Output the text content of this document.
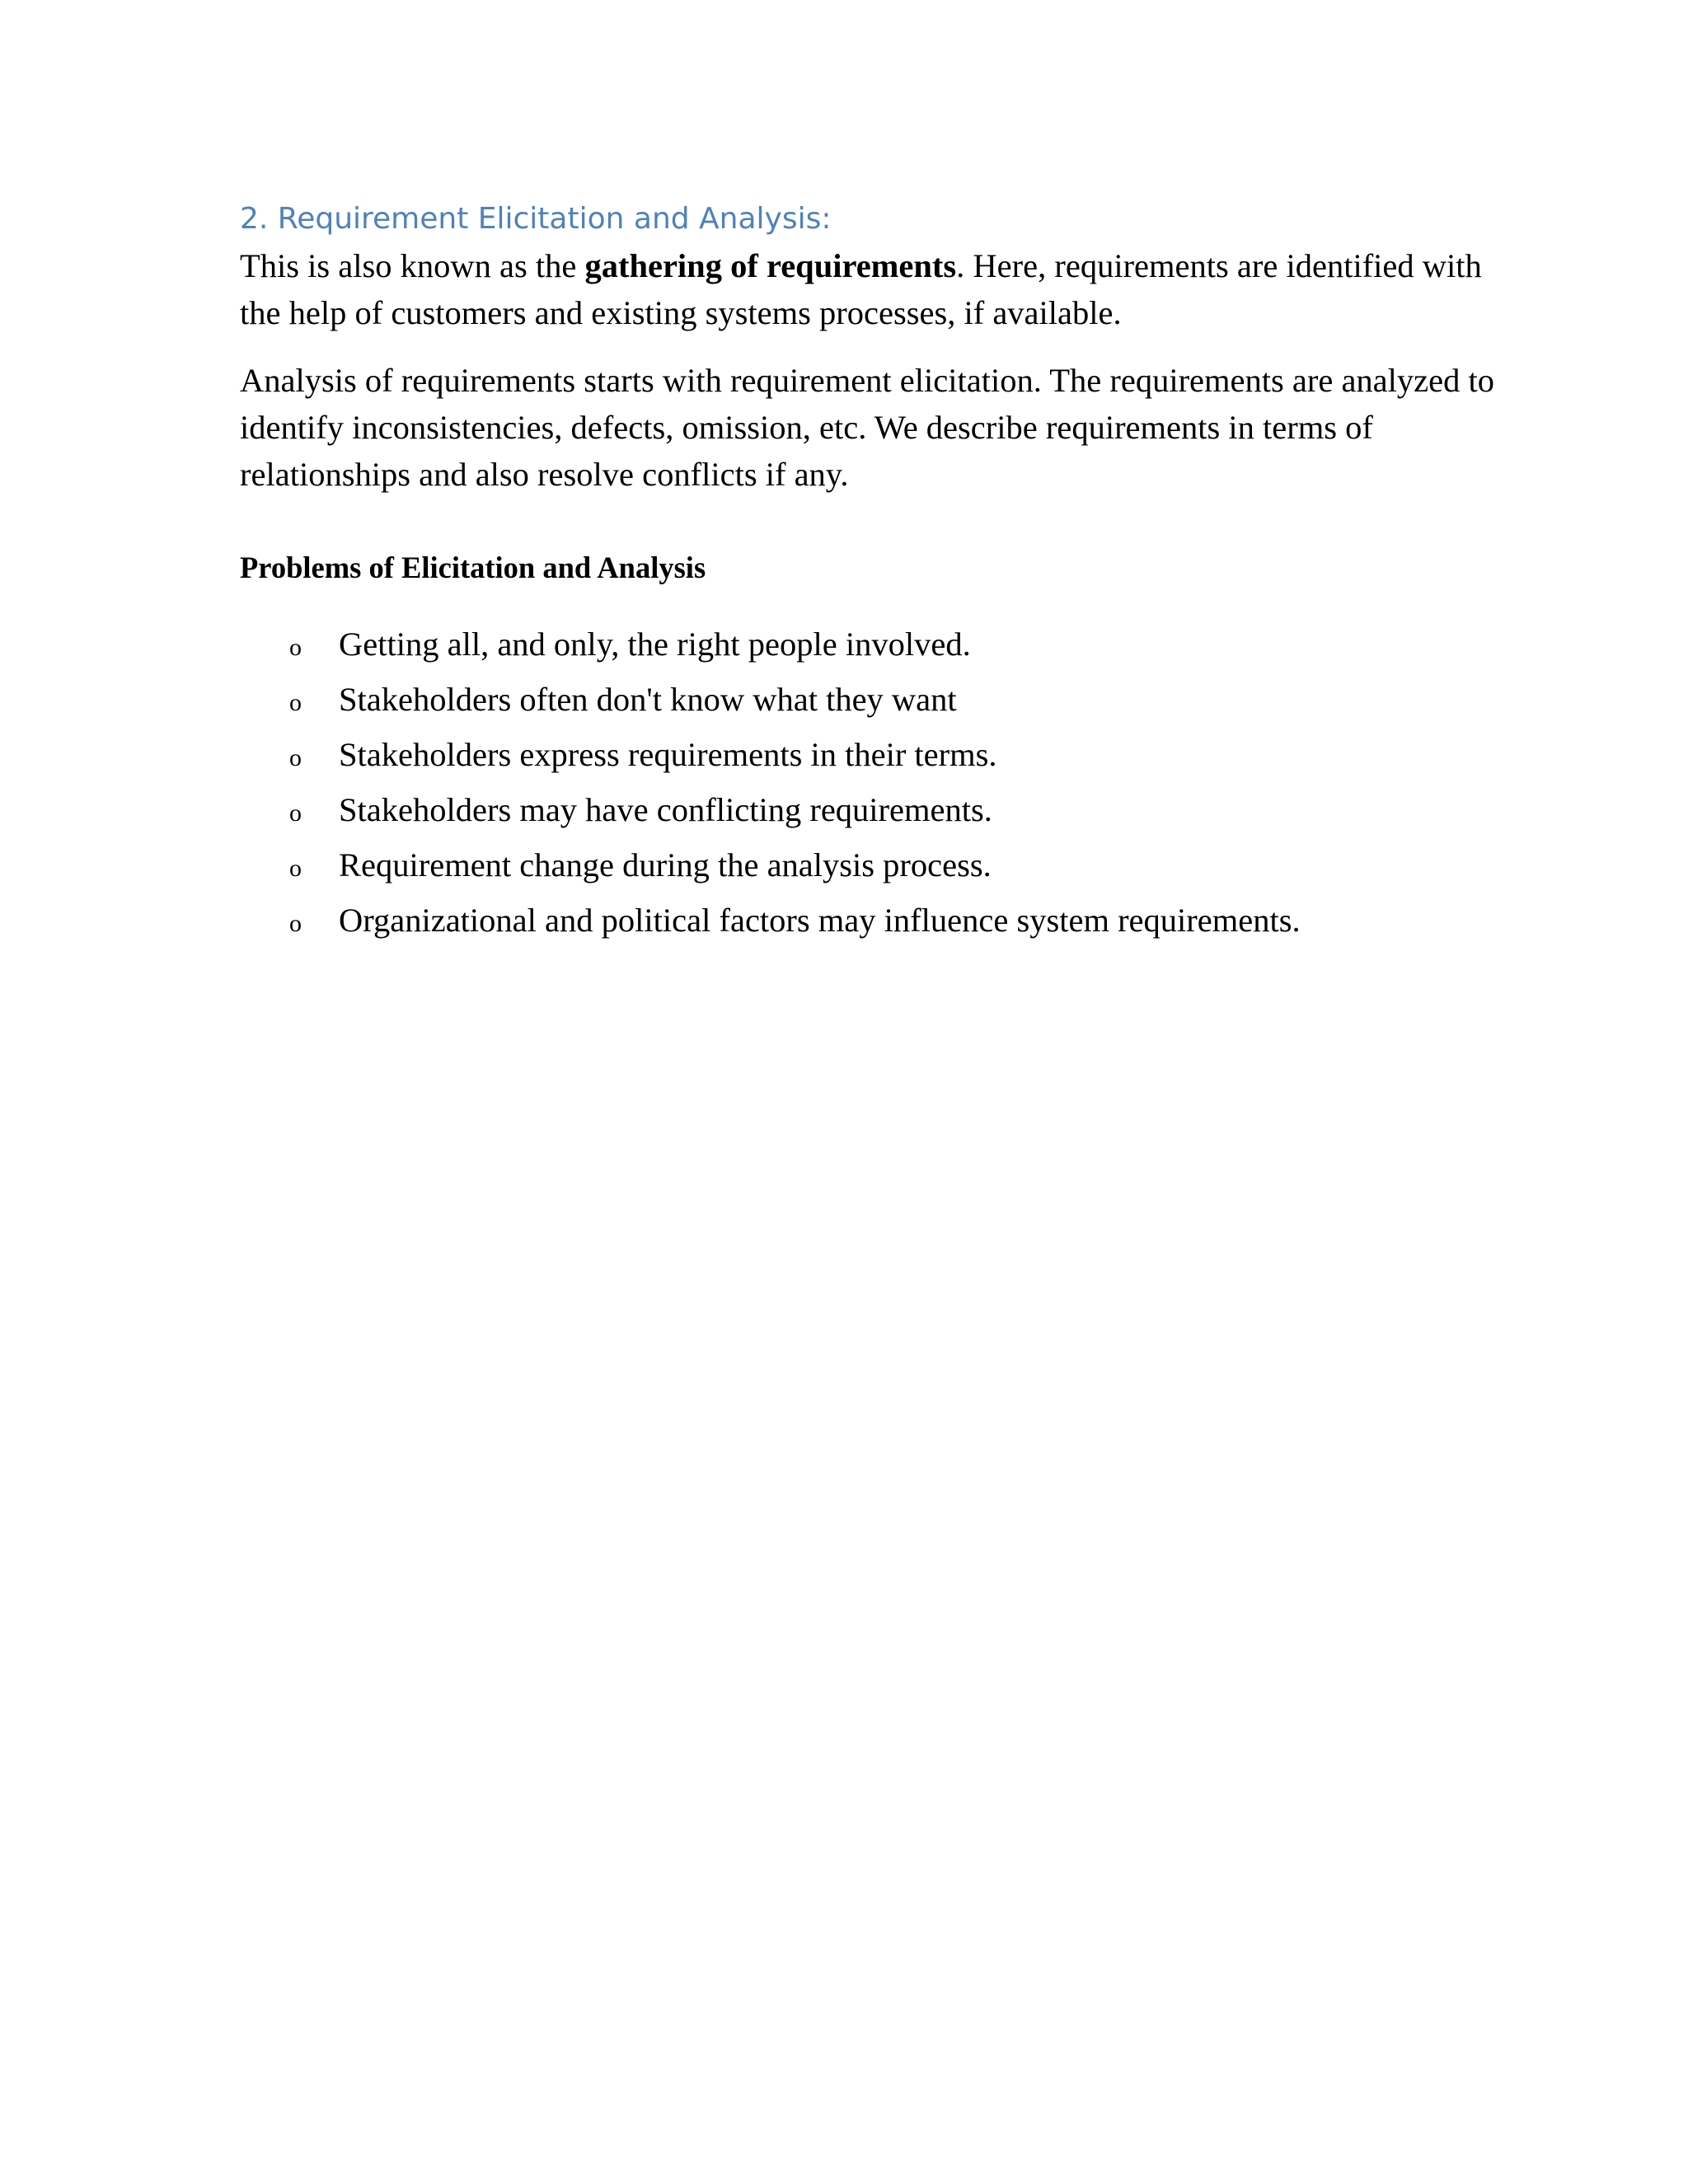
2. Requirement Elicitation and Analysis:

This is also known as the gathering of requirements. Here, requirements are identified with the help of customers and existing systems processes, if available.

Analysis of requirements starts with requirement elicitation. The requirements are analyzed to identify inconsistencies, defects, omission, etc. We describe requirements in terms of relationships and also resolve conflicts if any.

Problems of Elicitation and Analysis
o	Getting all, and only, the right people involved.
o	Stakeholders often don't know what they want
o	Stakeholders express requirements in their terms.
o	Stakeholders may have conflicting requirements.
o	Requirement change during the analysis process.
o	Organizational and political factors may influence system requirements.
